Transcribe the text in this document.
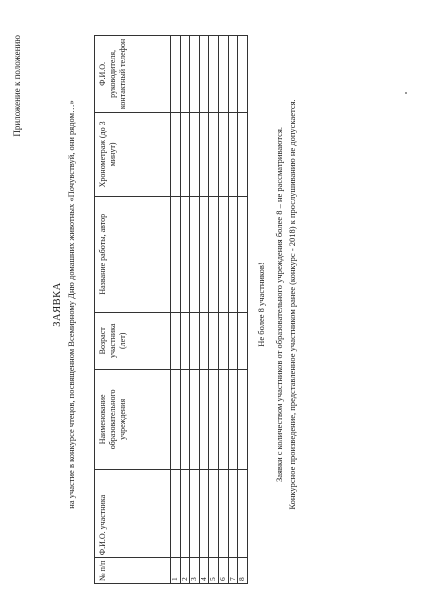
Приложение к положению
ЗАЯВКА на участие в конкурсе чтецов, посвященном Всемирному Дню домашних животных «Почувствуй, они рядом…»
№ п/п	Ф.И.О. участника	Наименование образовательного учреждения	Возраст участника (лет)	Название работы, автор	Хронометраж (до 3 минут)	Ф.И.О. руководителя, контактный телефон
1						
2						
3						
4						
5						
6						
7						
8						
Не более 8 участников! Заявки с количеством участников от образовательного учреждения более 8 – не рассматриваются. Конкурсное произведение, представленное участником ранее (конкурс - 2018) к прослушиванию не допускается.
